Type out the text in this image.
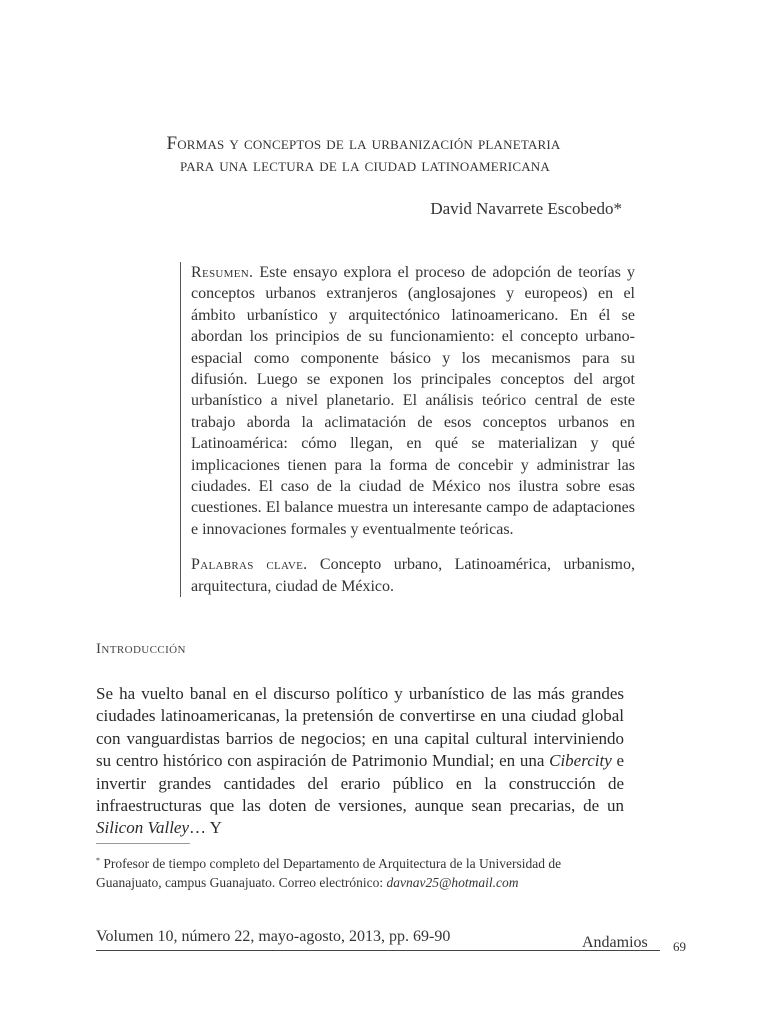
Formas y conceptos de la urbanización planetaria
para una lectura de la ciudad latinoamericana
David Navarrete Escobedo*

Resumen. Este ensayo explora el proceso de adopción de teorías y conceptos urbanos extranjeros (anglosajones y europeos) en el ámbito urbanístico y arquitectónico latinoamericano. En él se abordan los principios de su funcionamiento: el concepto urbano-espacial como componente básico y los mecanismos para su difusión. Luego se exponen los principales conceptos del argot urbanístico a nivel planetario. El análisis teórico central de este trabajo aborda la aclimatación de esos conceptos urbanos en Latinoamérica: cómo llegan, en qué se materializan y qué implicaciones tienen para la forma de concebir y administrar las ciudades. El caso de la ciudad de México nos ilustra sobre esas cuestiones. El balance muestra un interesante campo de adaptaciones e innovaciones formales y eventualmente teóricas.

Palabras clave. Concepto urbano, Latinoamérica, urbanismo, arquitectura, ciudad de México.

Introducción

Se ha vuelto banal en el discurso político y urbanístico de las más grandes ciudades latinoamericanas, la pretensión de convertirse en una ciudad global con vanguardistas barrios de negocios; en una capital cultural interviniendo su centro histórico con aspiración de Patrimonio Mundial; en una Cibercity e invertir grandes cantidades del erario público en la construcción de infraestructuras que las doten de versiones, aunque sean precarias, de un Silicon Valley… Y

* Profesor de tiempo completo del Departamento de Arquitectura de la Universidad de Guanajuato, campus Guanajuato. Correo electrónico: davnav25@hotmail.com

Volumen 10, número 22, mayo-agosto, 2013, pp. 69-90	Andamios 69
